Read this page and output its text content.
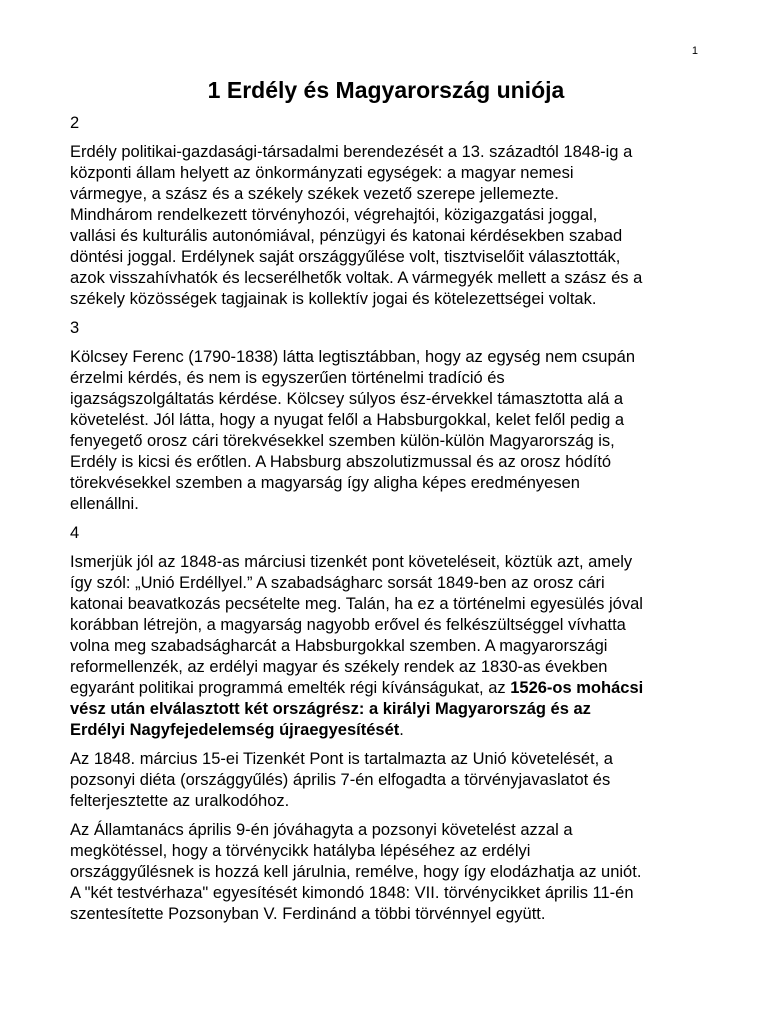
1
1 Erdély és Magyarország uniója

2

Erdély politikai-gazdasági-társadalmi berendezését a 13. századtól 1848-ig a
központi állam helyett az önkormányzati egységek: a magyar nemesi
vármegye, a szász és a székely székek vezető szerepe jellemezte.
Mindhárom rendelkezett törvényhozói, végrehajtói, közigazgatási joggal,
vallási és kulturális autonómiával, pénzügyi és katonai kérdésekben szabad
döntési joggal. Erdélynek saját országgyűlése volt, tisztviselőit választották,
azok visszahívhatók és lecserélhetők voltak. A vármegyék mellett a szász és a
székely közösségek tagjainak is kollektív jogai és kötelezettségei voltak.

3

Kölcsey Ferenc (1790-1838) látta legtisztábban, hogy az egység nem csupán
érzelmi kérdés, és nem is egyszerűen történelmi tradíció és
igazságszolgáltatás kérdése. Kölcsey súlyos ész-érvekkel támasztotta alá a
követelést. Jól látta, hogy a nyugat felől a Habsburgokkal, kelet felől pedig a
fenyegető orosz cári törekvésekkel szemben külön-külön Magyarország is,
Erdély is kicsi és erőtlen. A Habsburg abszolutizmussal és az orosz hódító
törekvésekkel szemben a magyarság így aligha képes eredményesen
ellenállni.

4

Ismerjük jól az 1848-as márciusi tizenkét pont követeléseit, köztük azt, amely
így szól: „Unió Erdéllyel.” A szabadságharc sorsát 1849-ben az orosz cári
katonai beavatkozás pecsételte meg. Talán, ha ez a történelmi egyesülés jóval
korábban létrejön, a magyarság nagyobb erővel és felkészültséggel vívhatta
volna meg szabadságharcát a Habsburgokkal szemben. A magyarországi
reformellenzék, az erdélyi magyar és székely rendek az 1830-as években
egyaránt politikai programmá emelték régi kívánságukat, az 1526-os mohácsi
vész után elválasztott két országrész: a királyi Magyarország és az
Erdélyi Nagyfejedelemség újraegyesítését.

Az 1848. március 15-ei Tizenkét Pont is tartalmazta az Unió követelését, a
pozsonyi diéta (országgyűlés) április 7-én elfogadta a törvényjavaslatot és
felterjesztette az uralkodóhoz.

Az Államtanács április 9-én jóváhagyta a pozsonyi követelést azzal a
megkötéssel, hogy a törvénycikk hatályba lépéséhez az erdélyi
országgyűlésnek is hozzá kell járulnia, remélve, hogy így elodázhatja az uniót.
A "két testvérhaza" egyesítését kimondó 1848: VII. törvénycikket április 11-én
szentesítette Pozsonyban V. Ferdinánd a többi törvénnyel együtt.
